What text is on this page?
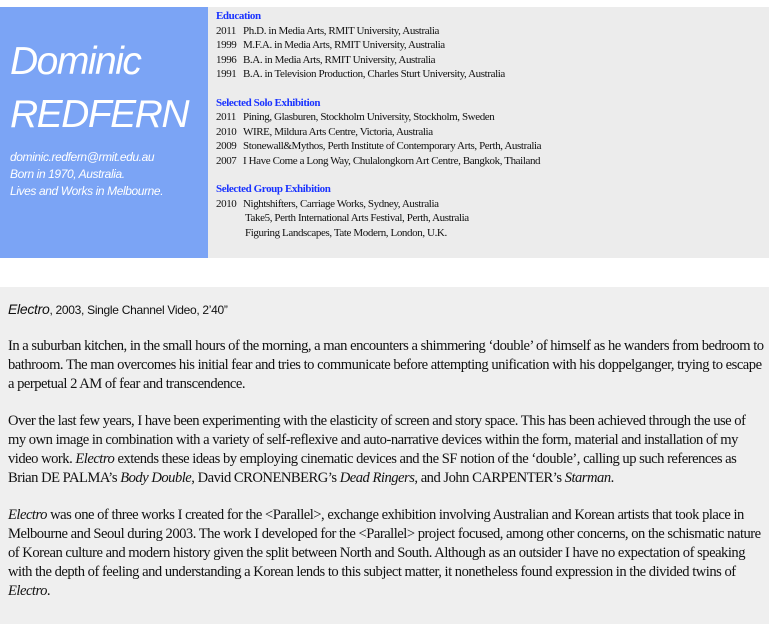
Dominic
REDFERN
dominic.redfern@rmit.edu.au
Born in 1970, Australia.
Lives and Works in Melbourne.
Education
2011 Ph.D. in Media Arts, RMIT University, Australia
1999 M.F.A. in Media Arts, RMIT University, Australia
1996 B.A. in Media Arts, RMIT University, Australia
1991 B.A. in Television Production, Charles Sturt University, Australia
Selected Solo Exhibition
2011 Pining, Glasburen, Stockholm University, Stockholm, Sweden
2010 WIRE, Mildura Arts Centre, Victoria, Australia
2009 Stonewall&Mythos, Perth Institute of Contemporary Arts, Perth, Australia
2007 I Have Come a Long Way, Chulalongkorn Art Centre, Bangkok, Thailand
Selected Group Exhibition
2010 Nightshifters, Carriage Works, Sydney, Australia
Take5, Perth International Arts Festival, Perth, Australia
Figuring Landscapes, Tate Modern, London, U.K.
Electro, 2003, Single Channel Video, 2’40”

In a suburban kitchen, in the small hours of the morning, a man encounters a shimmering ‘double’ of himself as he wanders from bedroom to bathroom. The man overcomes his initial fear and tries to communicate before attempting unification with his doppelganger, trying to escape a perpetual 2 AM of fear and transcendence.

Over the last few years, I have been experimenting with the elasticity of screen and story space. This has been achieved through the use of my own image in combination with a variety of self-reflexive and auto-narrative devices within the form, material and installation of my video work. Electro extends these ideas by employing cinematic devices and the SF notion of the ‘double’, calling up such references as Brian DE PALMA’s Body Double, David CRONENBERG’s Dead Ringers, and John CARPENTER’s Starman.

Electro was one of three works I created for the <Parallel>, exchange exhibition involving Australian and Korean artists that took place in Melbourne and Seoul during 2003. The work I developed for the <Parallel> project focused, among other concerns, on the schismatic nature of Korean culture and modern history given the split between North and South. Although as an outsider I have no expectation of speaking with the depth of feeling and understanding a Korean lends to this subject matter, it nonetheless found expression in the divided twins of Electro.
